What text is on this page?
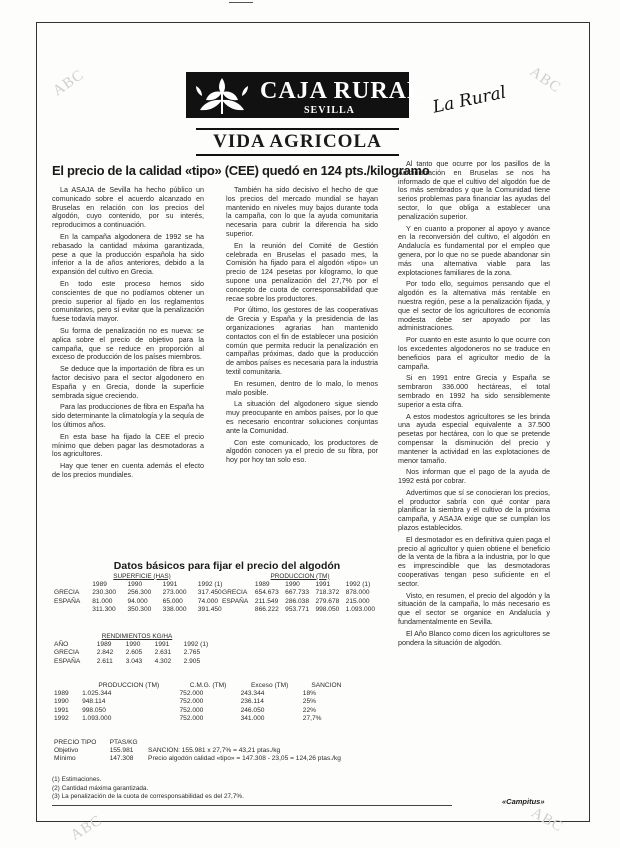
ABC	ABC
ABC	ABC
CAJA RURAL
SEVILLA	La Rural
VIDA AGRICOLA
El precio de la calidad «tipo» (CEE) quedó en 124 pts./kilogramo

La ASAJA de Sevilla ha hecho público un comunicado sobre el acuerdo alcanzado en Bruselas en relación con los precios del algodón, cuyo contenido, por su interés, reproducimos a continuación.

En la campaña algodonera de 1992 se ha rebasado la cantidad máxima garantizada, pese a que la producción española ha sido inferior a la de años anteriores, debido a la expansión del cultivo en Grecia.

En todo este proceso hemos sido conscientes de que no podíamos obtener un precio superior al fijado en los reglamentos comunitarios, pero sí evitar que la penalización fuese todavía mayor.

Su forma de penalización no es nueva: se aplica sobre el precio de objetivo para la campaña, que se reduce en proporción al exceso de producción de los países miembros.

Se deduce que la importación de fibra es un factor decisivo para el sector algodonero en España y en Grecia, donde la superficie sembrada sigue creciendo.

Para las producciones de fibra en España ha sido determinante la climatología y la sequía de los últimos años.

En esta base ha fijado la CEE el precio mínimo que deben pagar las desmotadoras a los agricultores.

Hay que tener en cuenta además el efecto de los precios mundiales.

También ha sido decisivo el hecho de que los precios del mercado mundial se hayan mantenido en niveles muy bajos durante toda la campaña, con lo que la ayuda comunitaria necesaria para cubrir la diferencia ha sido superior.

En la reunión del Comité de Gestión celebrada en Bruselas el pasado mes, la Comisión ha fijado para el algodón «tipo» un precio de 124 pesetas por kilogramo, lo que supone una penalización del 27,7% por el concepto de cuota de corresponsabilidad que recae sobre los productores.

Por último, los gestores de las cooperativas de Grecia y España y la presidencia de las organizaciones agrarias han mantenido contactos con el fin de establecer una posición común que permita reducir la penalización en campañas próximas, dado que la producción de ambos países es necesaria para la industria textil comunitaria.

En resumen, dentro de lo malo, lo menos malo posible.

La situación del algodonero sigue siendo muy preocupante en ambos países, por lo que es necesario encontrar soluciones conjuntas ante la Comunidad.

Con este comunicado, los productores de algodón conocen ya el precio de su fibra, por hoy por hoy tan solo eso.

Al tanto que ocurre por los pasillos de la Administración en Bruselas se nos ha informado de que el cultivo del algodón fue de los más sembrados y que la Comunidad tiene serios problemas para financiar las ayudas del sector, lo que obliga a establecer una penalización superior.

Y en cuanto a proponer al apoyo y avance en la reconversión del cultivo, el algodón en Andalucía es fundamental por el empleo que genera, por lo que no se puede abandonar sin más una alternativa viable para las explotaciones familiares de la zona.

Por todo ello, seguimos pensando que el algodón es la alternativa más rentable en nuestra región, pese a la penalización fijada, y que el sector de los agricultores de economía modesta debe ser apoyado por las administraciones.

Por cuanto en este asunto lo que ocurre con los excedentes algodoneros no se traduce en beneficios para el agricultor medio de la campaña.

Si en 1991 entre Grecia y España se sembraron 336.000 hectáreas, el total sembrado en 1992 ha sido sensiblemente superior a esta cifra.

A estos modestos agricultores se les brinda una ayuda especial equivalente a 37.500 pesetas por hectárea, con lo que se pretende compensar la disminución del precio y mantener la actividad en las explotaciones de menor tamaño.

Nos informan que el pago de la ayuda de 1992 está por cobrar.

Advertimos que sí se conocieran los precios, el productor sabría con qué contar para planificar la siembra y el cultivo de la próxima campaña, y ASAJA exige que se cumplan los plazos establecidos.

El desmotador es en definitiva quien paga el precio al agricultor y quien obtiene el beneficio de la venta de la fibra a la industria, por lo que es imprescindible que las desmotadoras cooperativas tengan peso suficiente en el sector.

Visto, en resumen, el precio del algodón y la situación de la campaña, lo más necesario es que el sector se organice en Andalucía y fundamentalmente en Sevilla.

El Año Blanco como dicen los agricultores se pondera la situación de algodón.

«Campitus»
Datos básicos para fijar el precio del algodón
SUPERFICIE (HAS)				
	1989	1990	1991	1992 (1)
GRECIA	230.300	256.300	273.000	317.450
ESPAÑA	81.000	94.000	65.000	74.000
	311.300	350.300	338.000	391.450
PRODUCCION (TM)				
	1989	1990	1991	1992 (1)
GRECIA	654.673	667.733	718.372	878.000
ESPAÑA	211.549	286.038	279.678	215.000
	866.222	953.771	998.050	1.093.000
RENDIMIENTOS KG/HA				
AÑO	1989	1990	1991	1992 (1)
GRECIA	2.842	2.605	2.631	2.765
ESPAÑA	2.611	3.043	4.302	2.905
	PRODUCCION (TM)	C.M.G. (TM)	Exceso (TM)	SANCION
1989	1.025.344	752.000	243.344	18%
1990	948.114	752.000	236.114	25%
1991	998.050	752.000	246.050	22%
1992	1.093.000	752.000	341.000	27,7%
PRECIO TIPO	PTAS/KG	
Objetivo	155.981	SANCION: 155.981 x 27,7% = 43,21 ptas./kg
Mínimo	147.308	Precio algodón calidad «tipo» = 147.308 - 23,05 = 124,26 ptas./kg
(1) Estimaciones.
(2) Cantidad máxima garantizada.
(3) La penalización de la cuota de corresponsabilidad es del 27,7%.
